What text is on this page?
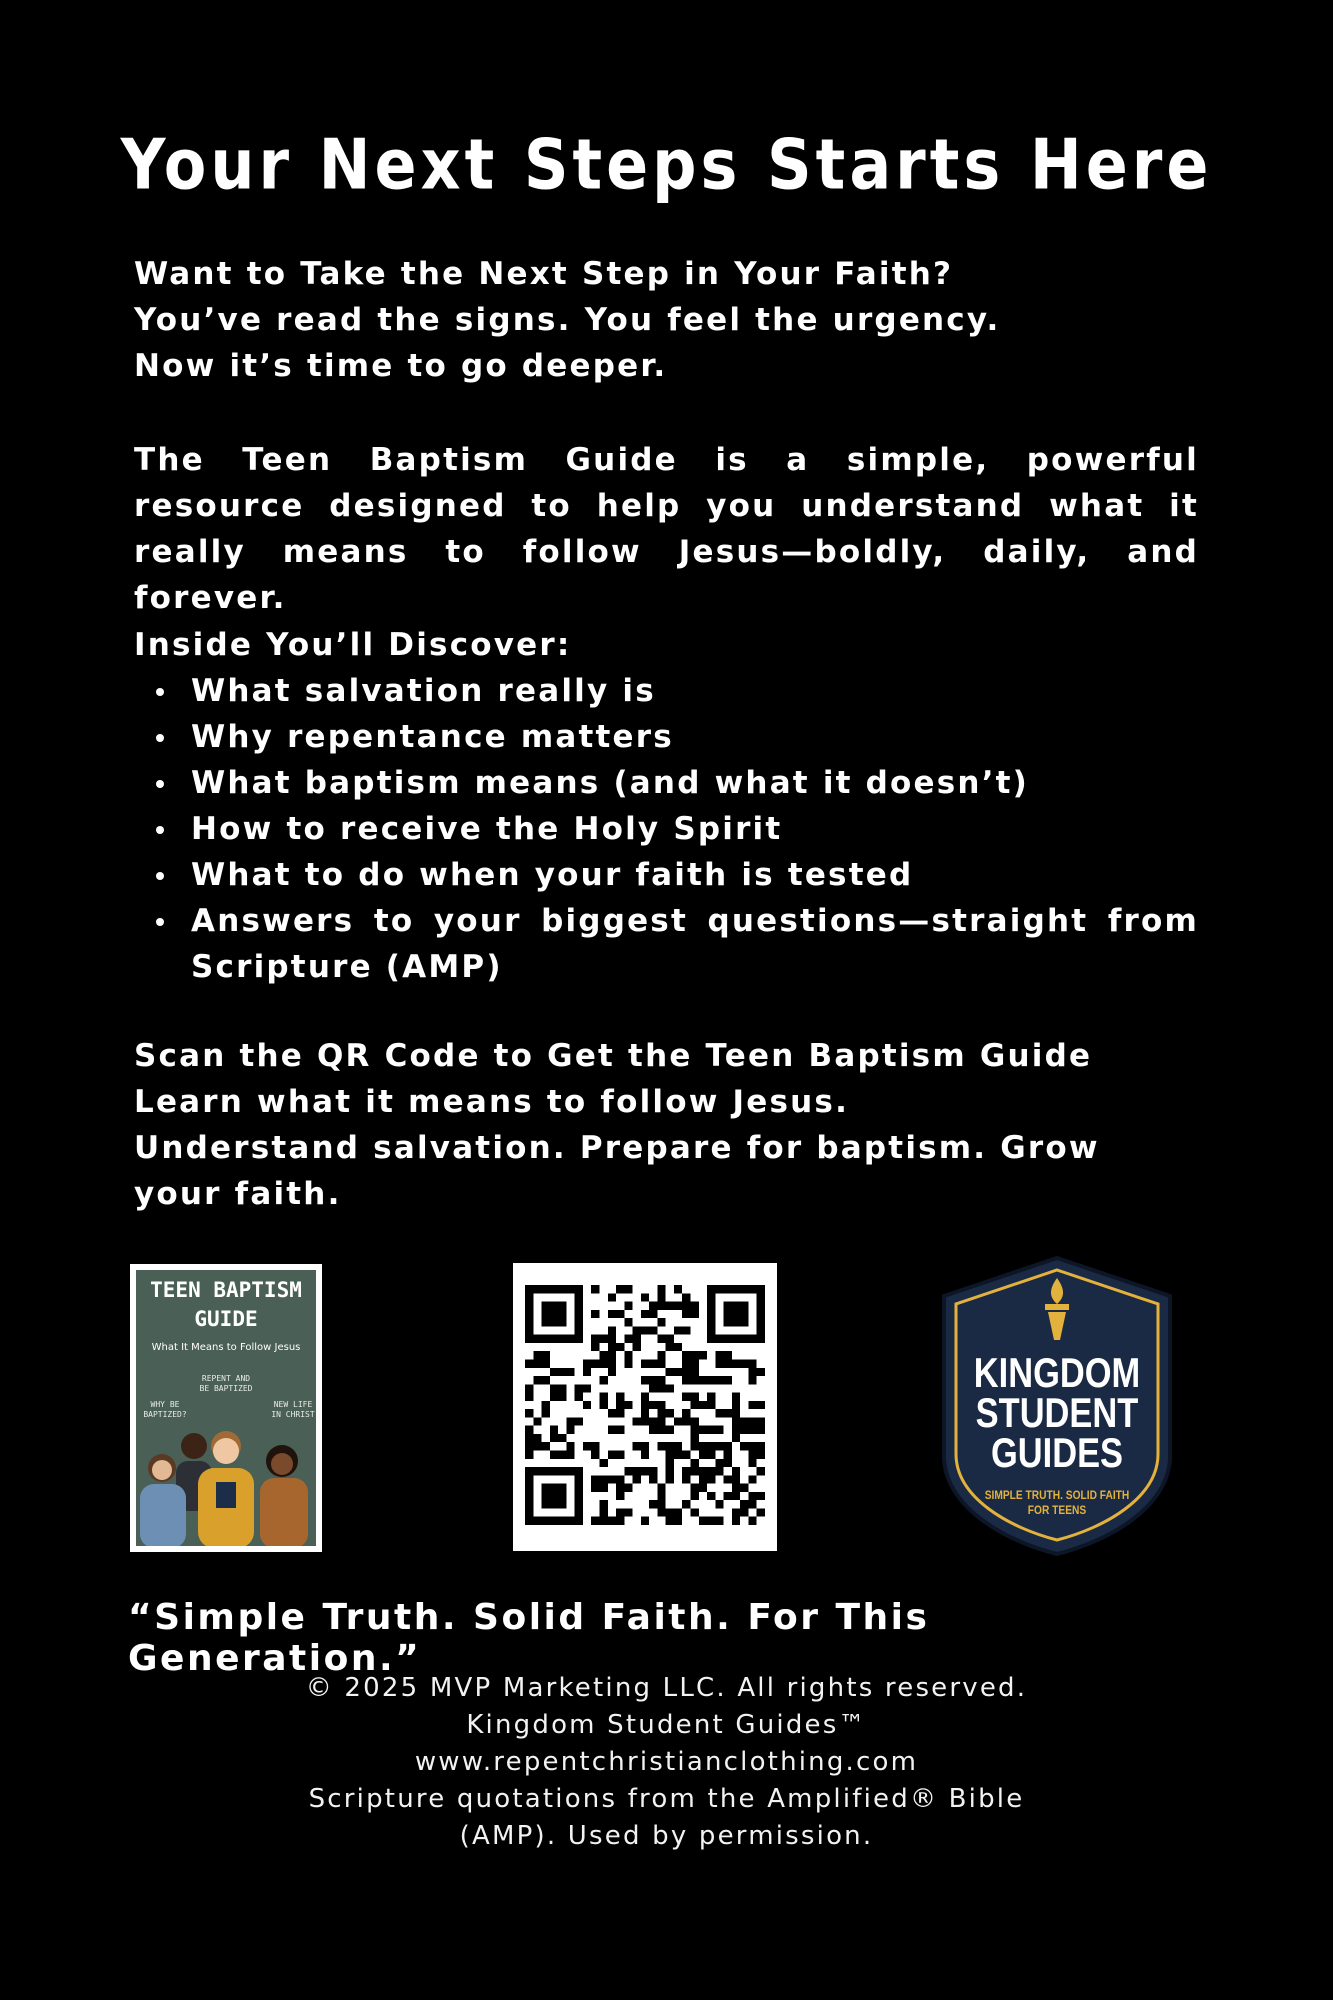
Your Next Steps Starts Here
Want to Take the Next Step in Your Faith?
You’ve read the signs. You feel the urgency.
Now it’s time to go deeper.
The Teen Baptism Guide is a simple, powerful resource designed to help you understand what it really means to follow Jesus—boldly, daily, and forever.
Inside You’ll Discover:
What salvation really is
Why repentance matters
What baptism means (and what it doesn’t)
How to receive the Holy Spirit
What to do when your faith is tested
Answers to your biggest questions—straight from Scripture (AMP)
Scan the QR Code to Get the Teen Baptism Guide
Learn what it means to follow Jesus.
Understand salvation. Prepare for baptism. Grow your faith.
TEEN BAPTISM
GUIDE
What It Means to Follow Jesus
REPENT AND
BE BAPTIZED
WHY BE
BAPTIZED?
NEW LIFE
IN CHRIST
KINGDOM
STUDENT
GUIDES
SIMPLE TRUTH. SOLID FAITH
FOR TEENS
“Simple Truth. Solid Faith. For This Generation.”
© 2025 MVP Marketing LLC. All rights reserved.
Kingdom Student Guides™
www.repentchristianclothing.com
Scripture quotations from the Amplified® Bible
(AMP). Used by permission.
